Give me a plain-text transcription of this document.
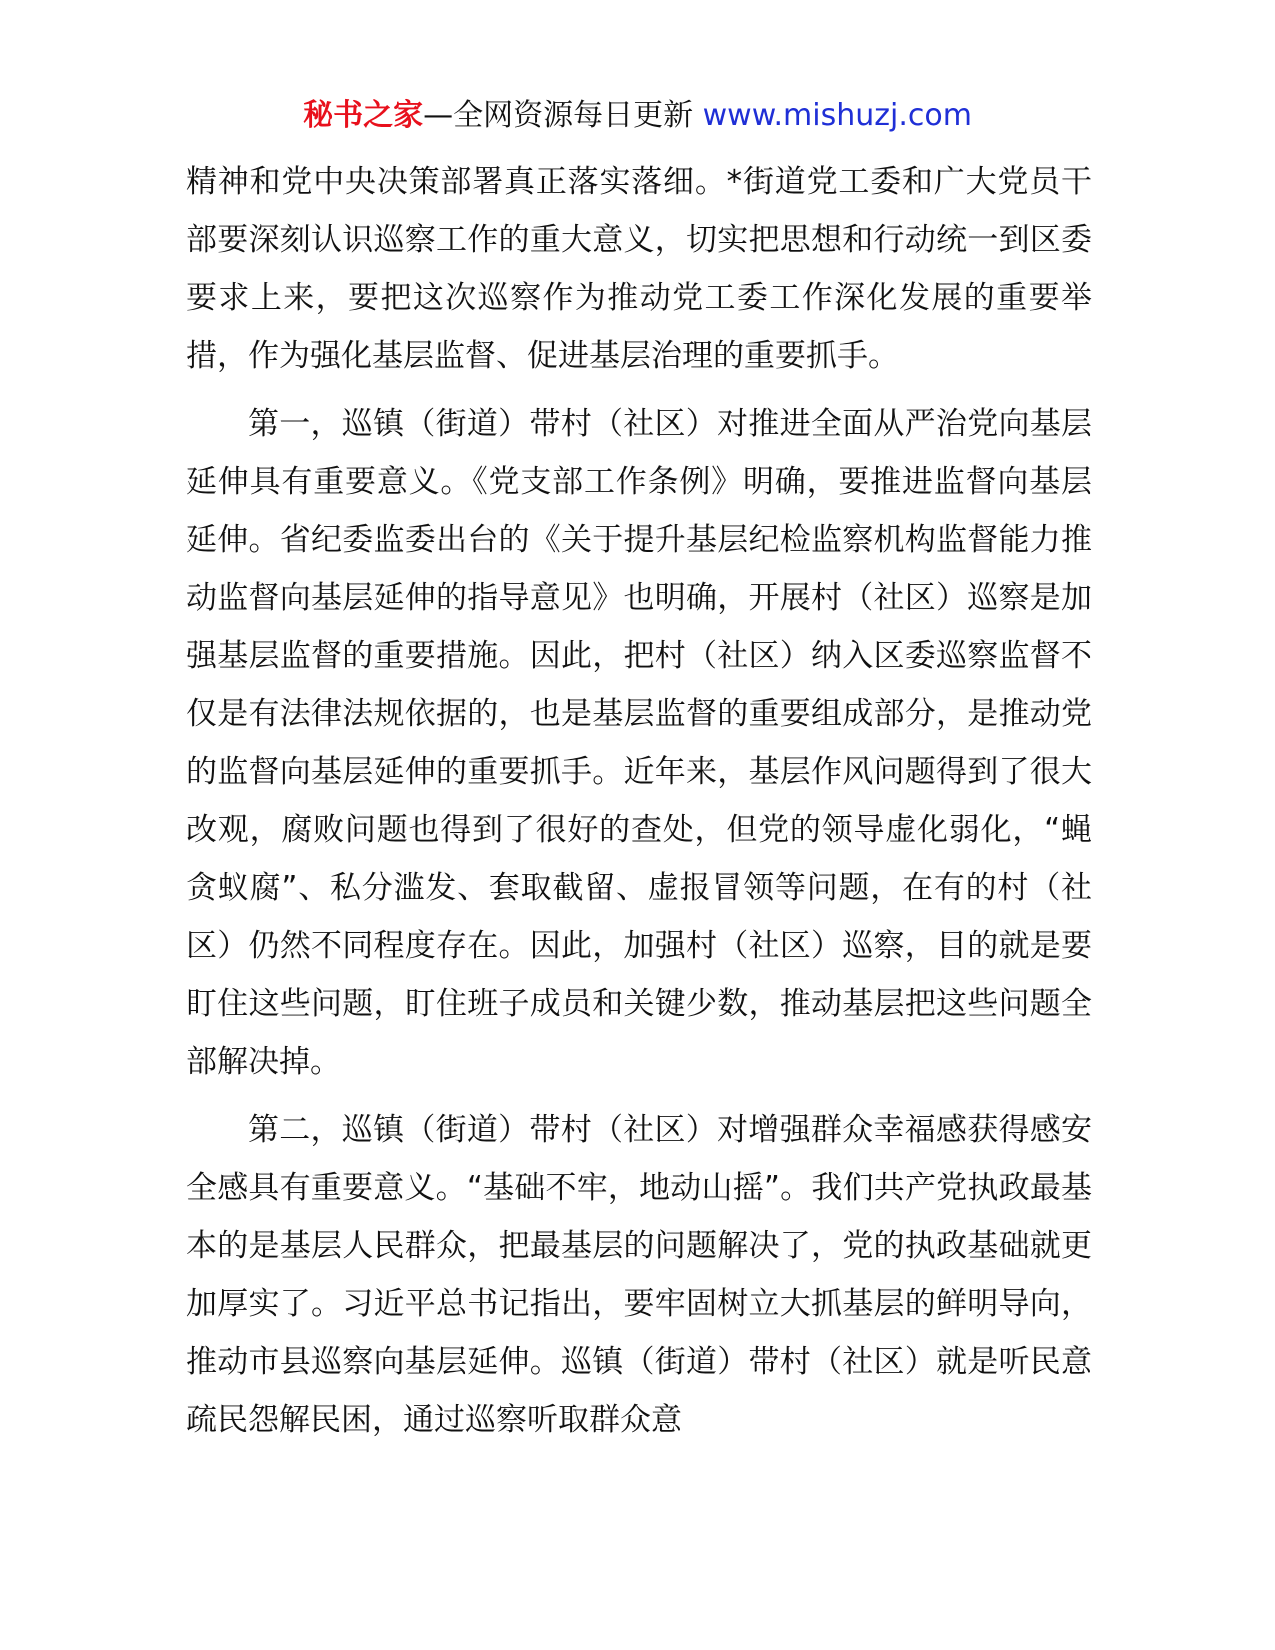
秘书之家—全网资源每日更新 www.mishuzj.com

精神和党中央决策部署真正落实落细。*街道党工委和广大党员干部要深刻认识巡察工作的重大意义，切实把思想和行动统一到区委要求上来，要把这次巡察作为推动党工委工作深化发展的重要举措，作为强化基层监督、促进基层治理的重要抓手。

第一，巡镇（街道）带村（社区）对推进全面从严治党向基层延伸具有重要意义。《党支部工作条例》明确，要推进监督向基层延伸。省纪委监委出台的《关于提升基层纪检监察机构监督能力推动监督向基层延伸的指导意见》也明确，开展村（社区）巡察是加强基层监督的重要措施。因此，把村（社区）纳入区委巡察监督不仅是有法律法规依据的，也是基层监督的重要组成部分，是推动党的监督向基层延伸的重要抓手。近年来，基层作风问题得到了很大改观，腐败问题也得到了很好的查处，但党的领导虚化弱化，“蝇贪蚁腐”、私分滥发、套取截留、虚报冒领等问题，在有的村（社区）仍然不同程度存在。因此，加强村（社区）巡察，目的就是要盯住这些问题，盯住班子成员和关键少数，推动基层把这些问题全部解决掉。

第二，巡镇（街道）带村（社区）对增强群众幸福感获得感安全感具有重要意义。“基础不牢，地动山摇”。我们共产党执政最基本的是基层人民群众，把最基层的问题解决了，党的执政基础就更加厚实了。习近平总书记指出，要牢固树立大抓基层的鲜明导向，推动市县巡察向基层延伸。巡镇（街道）带村（社区）就是听民意疏民怨解民困，通过巡察听取群众意
